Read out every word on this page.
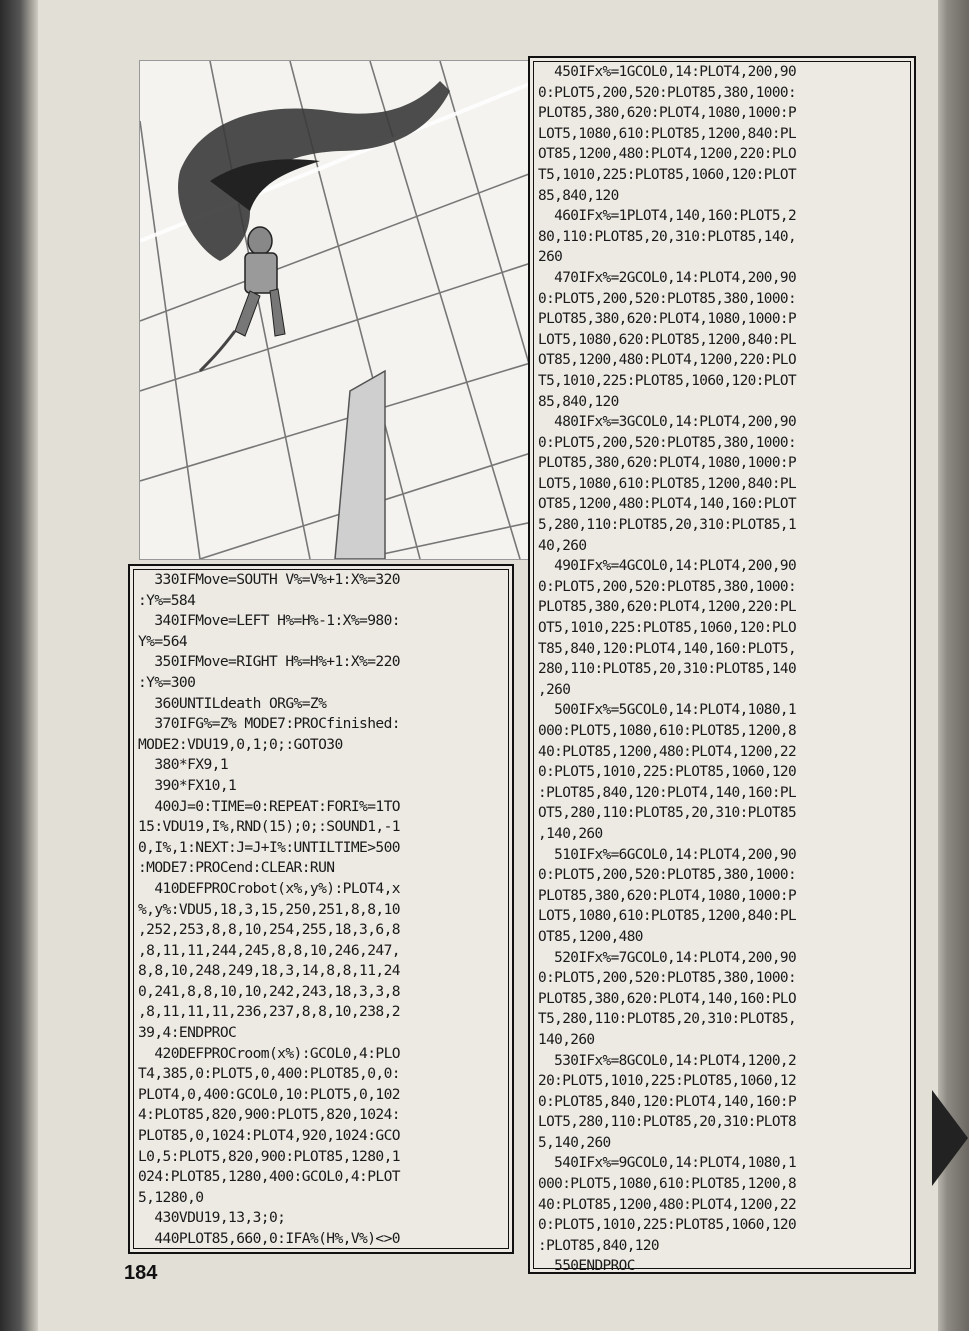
330IFMove=SOUTH V%=V%+1:X%=320
:Y%=584
340IFMove=LEFT H%=H%-1:X%=980:
Y%=564
350IFMove=RIGHT H%=H%+1:X%=220
:Y%=300
360UNTILdeath ORG%=Z%
370IFG%=Z% MODE7:PROCfinished:
MODE2:VDU19,0,1;0;:GOTO30
380*FX9,1
390*FX10,1
400J=0:TIME=0:REPEAT:FORI%=1TO
15:VDU19,I%,RND(15);0;:SOUND1,-1
0,I%,1:NEXT:J=J+I%:UNTILTIME>500
:MODE7:PROCend:CLEAR:RUN
410DEFPROCrobot(x%,y%):PLOT4,x
%,y%:VDU5,18,3,15,250,251,8,8,10
,252,253,8,8,10,254,255,18,3,6,8
,8,11,11,244,245,8,8,10,246,247,
8,8,10,248,249,18,3,14,8,8,11,24
0,241,8,8,10,10,242,243,18,3,3,8
,8,11,11,11,236,237,8,8,10,238,2
39,4:ENDPROC
420DEFPROCroom(x%):GCOL0,4:PLO
T4,385,0:PLOT5,0,400:PLOT85,0,0:
PLOT4,0,400:GCOL0,10:PLOT5,0,102
4:PLOT85,820,900:PLOT5,820,1024:
PLOT85,0,1024:PLOT4,920,1024:GCO
L0,5:PLOT5,820,900:PLOT85,1280,1
024:PLOT85,1280,400:GCOL0,4:PLOT
5,1280,0
430VDU19,13,3;0;
440PLOT85,660,0:IFA%(H%,V%)<>0
450IFx%=1GCOL0,14:PLOT4,200,90
0:PLOT5,200,520:PLOT85,380,1000:
PLOT85,380,620:PLOT4,1080,1000:P
LOT5,1080,610:PLOT85,1200,840:PL
OT85,1200,480:PLOT4,1200,220:PLO
T5,1010,225:PLOT85,1060,120:PLOT
85,840,120
460IFx%=1PLOT4,140,160:PLOT5,2
80,110:PLOT85,20,310:PLOT85,140,
260
470IFx%=2GCOL0,14:PLOT4,200,90
0:PLOT5,200,520:PLOT85,380,1000:
PLOT85,380,620:PLOT4,1080,1000:P
LOT5,1080,620:PLOT85,1200,840:PL
OT85,1200,480:PLOT4,1200,220:PLO
T5,1010,225:PLOT85,1060,120:PLOT
85,840,120
480IFx%=3GCOL0,14:PLOT4,200,90
0:PLOT5,200,520:PLOT85,380,1000:
PLOT85,380,620:PLOT4,1080,1000:P
LOT5,1080,610:PLOT85,1200,840:PL
OT85,1200,480:PLOT4,140,160:PLOT
5,280,110:PLOT85,20,310:PLOT85,1
40,260
490IFx%=4GCOL0,14:PLOT4,200,90
0:PLOT5,200,520:PLOT85,380,1000:
PLOT85,380,620:PLOT4,1200,220:PL
OT5,1010,225:PLOT85,1060,120:PLO
T85,840,120:PLOT4,140,160:PLOT5,
280,110:PLOT85,20,310:PLOT85,140
,260
500IFx%=5GCOL0,14:PLOT4,1080,1
000:PLOT5,1080,610:PLOT85,1200,8
40:PLOT85,1200,480:PLOT4,1200,22
0:PLOT5,1010,225:PLOT85,1060,120
:PLOT85,840,120:PLOT4,140,160:PL
OT5,280,110:PLOT85,20,310:PLOT85
,140,260
510IFx%=6GCOL0,14:PLOT4,200,90
0:PLOT5,200,520:PLOT85,380,1000:
PLOT85,380,620:PLOT4,1080,1000:P
LOT5,1080,610:PLOT85,1200,840:PL
OT85,1200,480
520IFx%=7GCOL0,14:PLOT4,200,90
0:PLOT5,200,520:PLOT85,380,1000:
PLOT85,380,620:PLOT4,140,160:PLO
T5,280,110:PLOT85,20,310:PLOT85,
140,260
530IFx%=8GCOL0,14:PLOT4,1200,2
20:PLOT5,1010,225:PLOT85,1060,12
0:PLOT85,840,120:PLOT4,140,160:P
LOT5,280,110:PLOT85,20,310:PLOT8
5,140,260
540IFx%=9GCOL0,14:PLOT4,1080,1
000:PLOT5,1080,610:PLOT85,1200,8
40:PLOT85,1200,480:PLOT4,1200,22
0:PLOT5,1010,225:PLOT85,1060,120
:PLOT85,840,120
550ENDPROC
184
